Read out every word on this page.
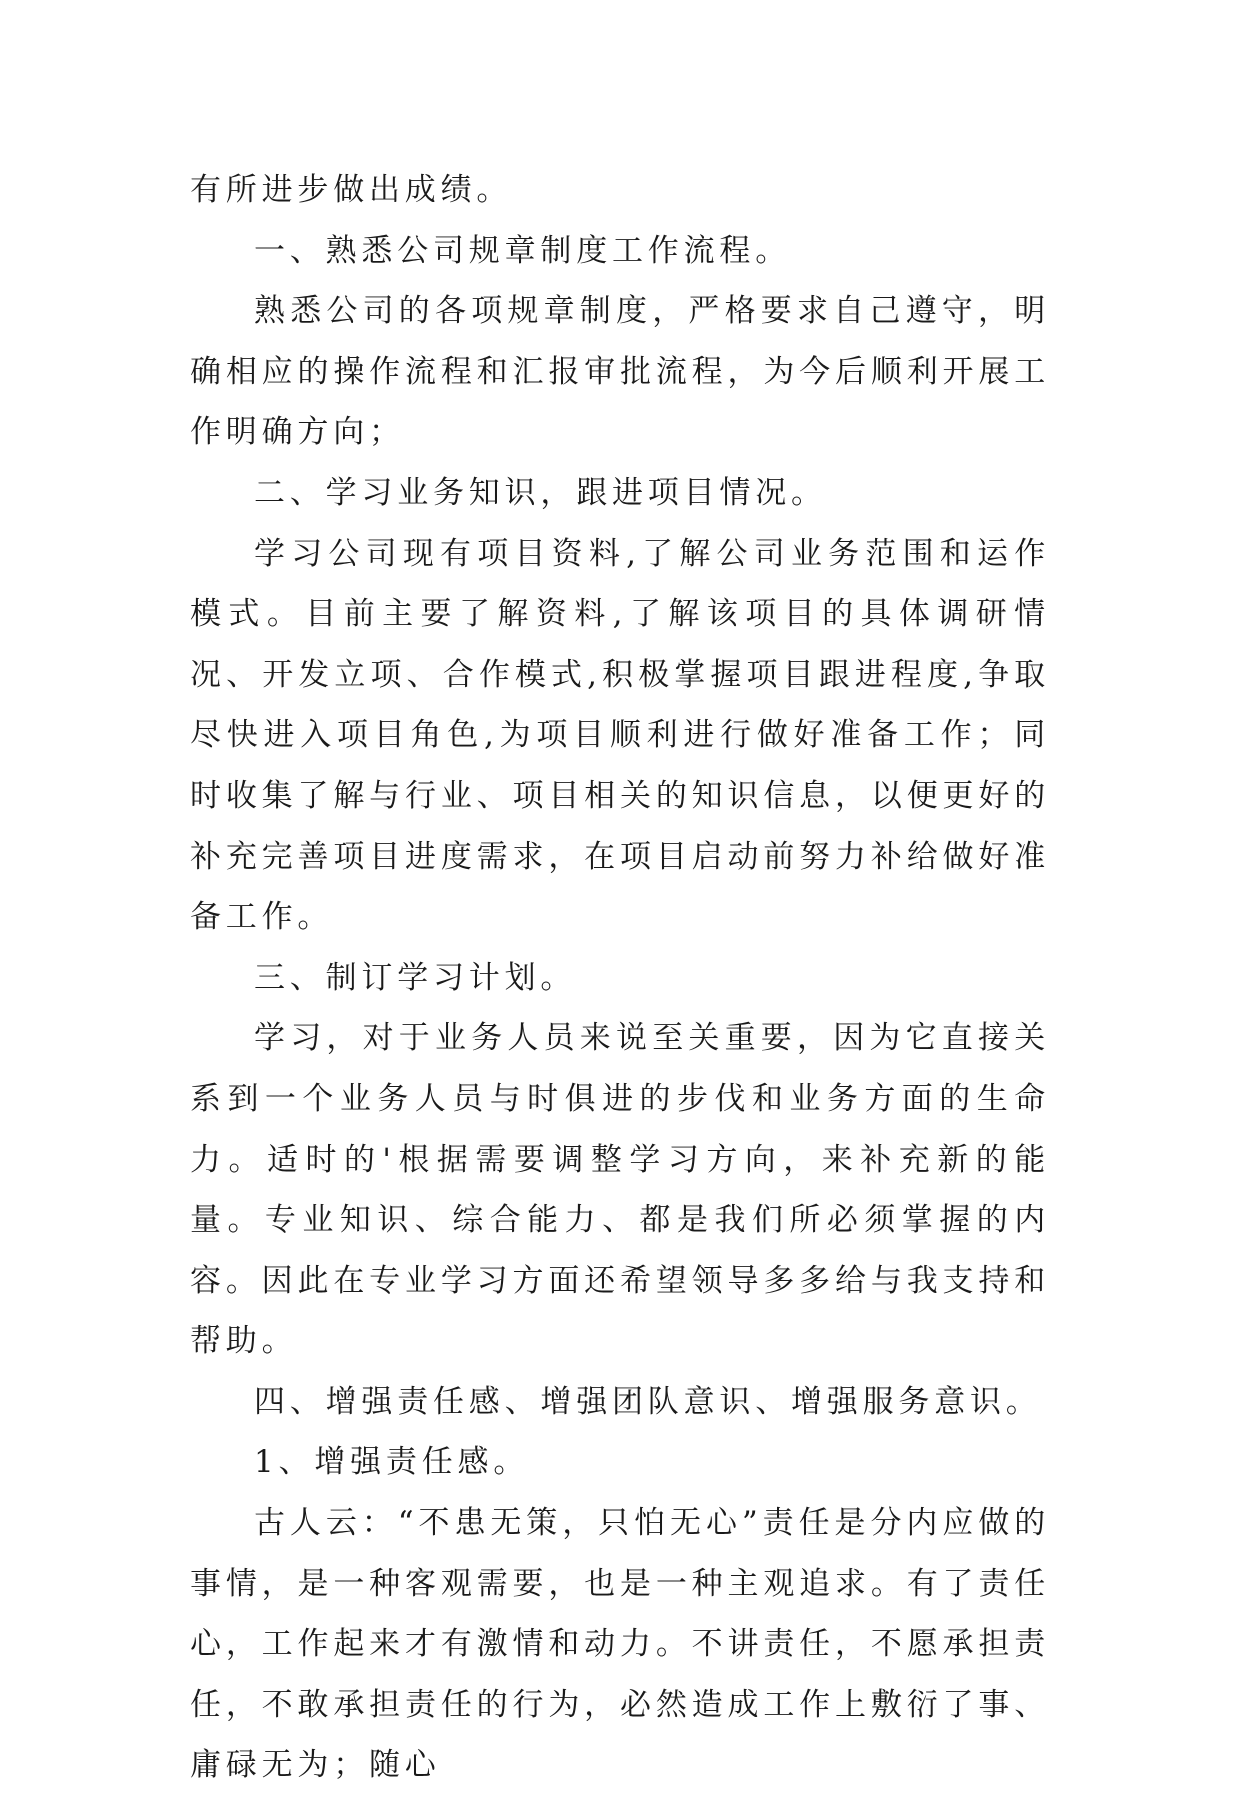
有所进步做出成绩。

一、熟悉公司规章制度工作流程。

熟悉公司的各项规章制度，严格要求自己遵守，明确相应的操作流程和汇报审批流程，为今后顺利开展工作明确方向；

二、学习业务知识，跟进项目情况。

学习公司现有项目资料,了解公司业务范围和运作模式。目前主要了解资料,了解该项目的具体调研情况、开发立项、合作模式,积极掌握项目跟进程度,争取尽快进入项目角色,为项目顺利进行做好准备工作；同时收集了解与行业、项目相关的知识信息，以便更好的补充完善项目进度需求，在项目启动前努力补给做好准备工作。

三、制订学习计划。

学习，对于业务人员来说至关重要，因为它直接关系到一个业务人员与时俱进的步伐和业务方面的生命力。适时的'根据需要调整学习方向，来补充新的能量。专业知识、综合能力、都是我们所必须掌握的内容。因此在专业学习方面还希望领导多多给与我支持和帮助。

四、增强责任感、增强团队意识、增强服务意识。

1、增强责任感。

古人云：“不患无策，只怕无心”责任是分内应做的事情，是一种客观需要，也是一种主观追求。有了责任心，工作起来才有激情和动力。不讲责任，不愿承担责任，不敢承担责任的行为，必然造成工作上敷衍了事、庸碌无为；随心
